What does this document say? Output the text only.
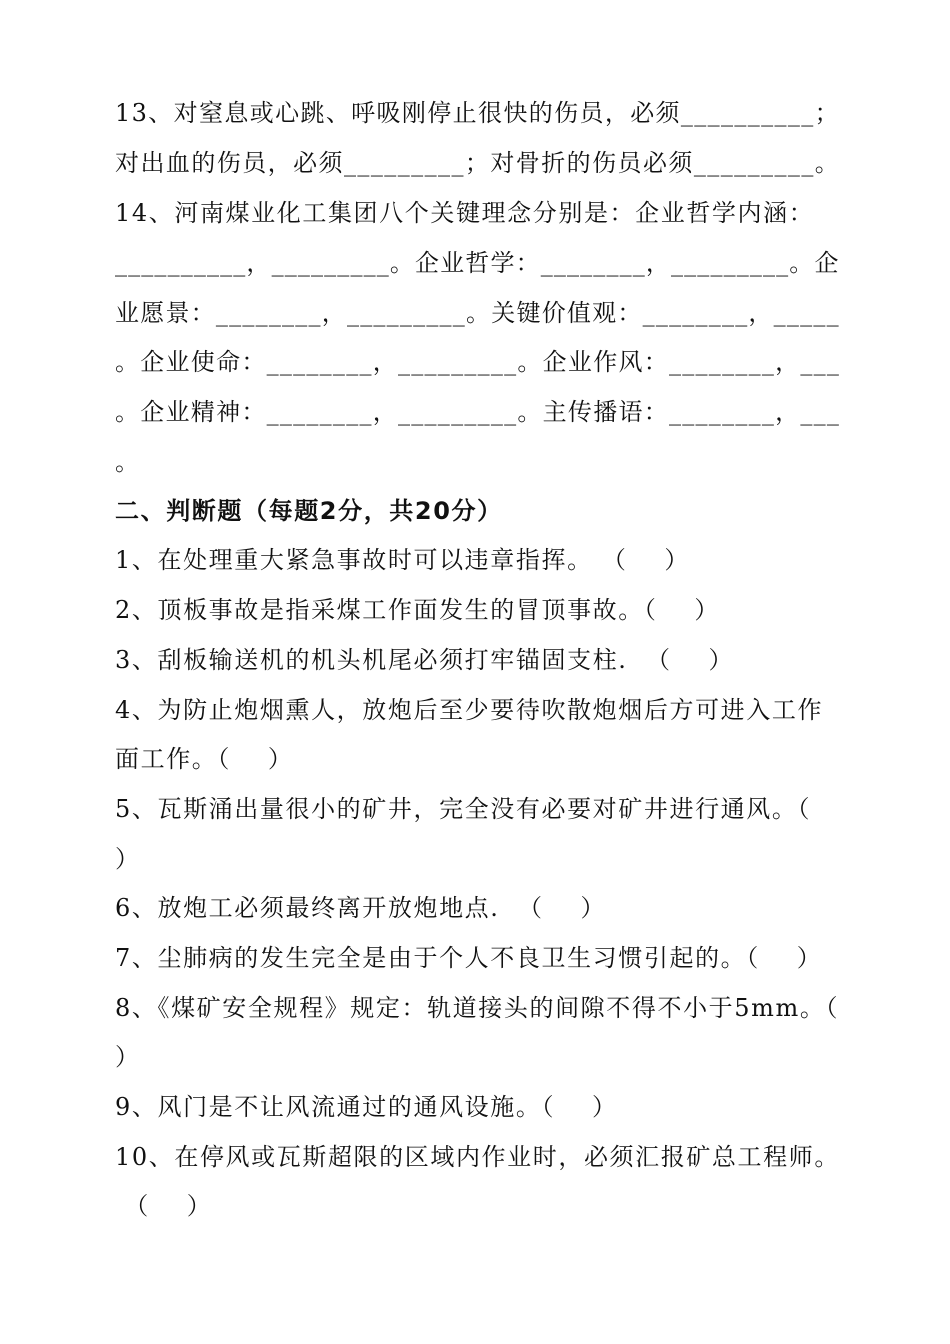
13、对窒息或心跳、呼吸刚停止很快的伤员，必须__________；
对出血的伤员，必须_________；对骨折的伤员必须_________。
14、河南煤业化工集团八个关键理念分别是：企业哲学内涵：
__________，_________。企业哲学：________，_________。企
业愿景：________，_________。关键价值观：________，_____
。企业使命：________，_________。企业作风：________，___
。企业精神：________，_________。主传播语：________，___
。
二、判断题（每题2分，共20分）
1、在处理重大紧急事故时可以违章指挥。 （    ）
2、顶板事故是指采煤工作面发生的冒顶事故。（    ）
3、刮板输送机的机头机尾必须打牢锚固支柱.  （    ）
4、为防止炮烟熏人，放炮后至少要待吹散炮烟后方可进入工作
面工作。（    ）
5、瓦斯涌出量很小的矿井，完全没有必要对矿井进行通风。（
）
6、放炮工必须最终离开放炮地点.  （    ）
7、尘肺病的发生完全是由于个人不良卫生习惯引起的。（    ）
8、《煤矿安全规程》规定：轨道接头的间隙不得不小于5mm。（
）
9、风门是不让风流通过的通风设施。（    ）
10、在停风或瓦斯超限的区域内作业时，必须汇报矿总工程师。
（    ）
